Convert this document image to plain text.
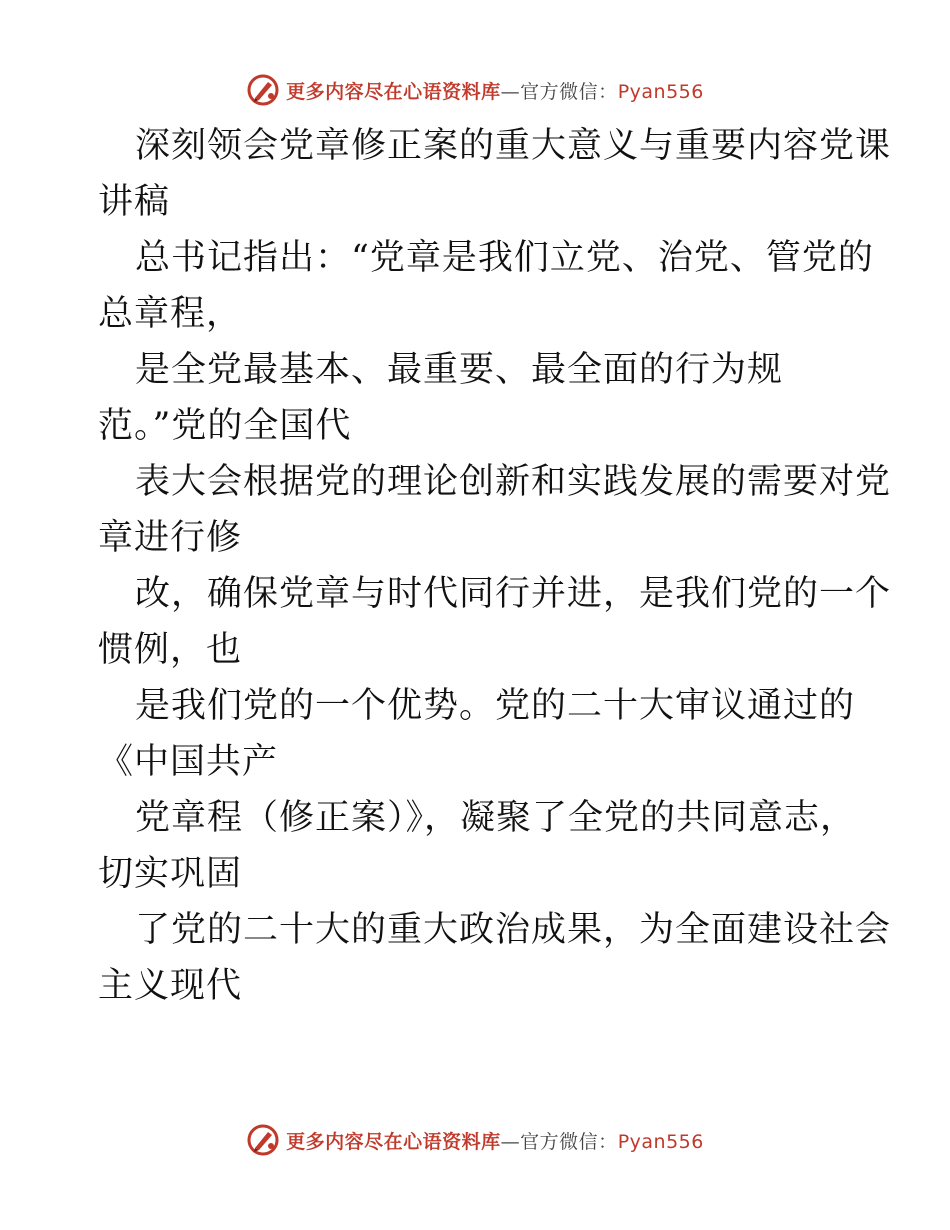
更多内容尽在心语资料库—官方微信：Pyan556
深刻领会党章修正案的重大意义与重要内容党课
讲稿
总书记指出：“党章是我们立党、治党、管党的
总章程，
是全党最基本、最重要、最全面的行为规
范。”党的全国代
表大会根据党的理论创新和实践发展的需要对党
章进行修
改，确保党章与时代同行并进，是我们党的一个
惯例，也
是我们党的一个优势。党的二十大审议通过的
《中国共产
党章程（修正案）》，凝聚了全党的共同意志，
切实巩固
了党的二十大的重大政治成果，为全面建设社会
主义现代
更多内容尽在心语资料库—官方微信：Pyan556
